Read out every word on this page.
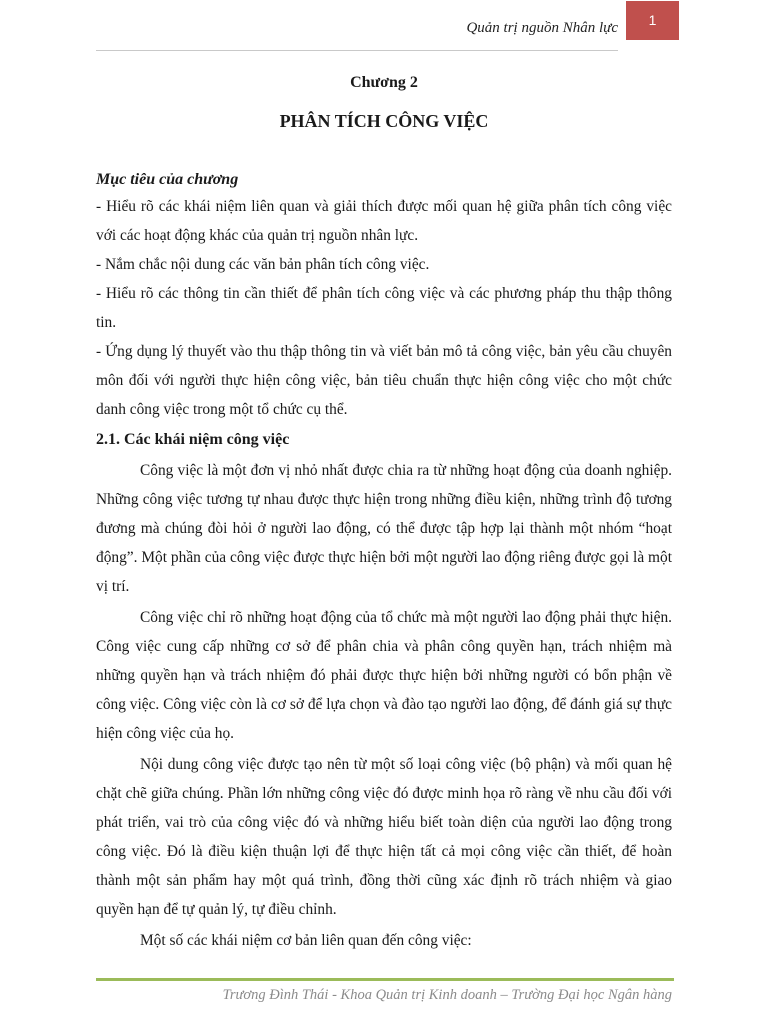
Quản trị nguồn Nhân lực	1
Chương 2
PHÂN TÍCH CÔNG VIỆC
Mục tiêu của chương

- Hiểu rõ các khái niệm liên quan và giải thích được mối quan hệ giữa phân tích công việc với các hoạt động khác của quản trị nguồn nhân lực.

- Nắm chắc nội dung các văn bản phân tích công việc.

- Hiểu rõ các thông tin cần thiết để phân tích công việc và các phương pháp thu thập thông tin.

- Ứng dụng lý thuyết vào thu thập thông tin và viết bản mô tả công việc, bản yêu cầu chuyên môn đối với người thực hiện công việc, bản tiêu chuẩn thực hiện công việc cho một chức danh công việc trong một tổ chức cụ thể.

2.1. Các khái niệm công việc

Công việc là một đơn vị nhỏ nhất được chia ra từ những hoạt động của doanh nghiệp. Những công việc tương tự nhau được thực hiện trong những điều kiện, những trình độ tương đương mà chúng đòi hỏi ở người lao động, có thể được tập hợp lại thành một nhóm “hoạt động”. Một phần của công việc được thực hiện bởi một người lao động riêng được gọi là một vị trí.

Công việc chỉ rõ những hoạt động của tổ chức mà một người lao động phải thực hiện. Công việc cung cấp những cơ sở để phân chia và phân công quyền hạn, trách nhiệm mà những quyền hạn và trách nhiệm đó phải được thực hiện bởi những người có bổn phận về công việc. Công việc còn là cơ sở để lựa chọn và đào tạo người lao động, để đánh giá sự thực hiện công việc của họ.

Nội dung công việc được tạo nên từ một số loại công việc (bộ phận) và mối quan hệ chặt chẽ giữa chúng. Phần lớn những công việc đó được minh họa rõ ràng về nhu cầu đối với phát triển, vai trò của công việc đó và những hiểu biết toàn diện của người lao động trong công việc. Đó là điều kiện thuận lợi để thực hiện tất cả mọi công việc cần thiết, để hoàn thành một sản phẩm hay một quá trình, đồng thời cũng xác định rõ trách nhiệm và giao quyền hạn để tự quản lý, tự điều chỉnh.

Một số các khái niệm cơ bản liên quan đến công việc:

Trương Đình Thái - Khoa Quản trị Kinh doanh – Trường Đại học Ngân hàng
